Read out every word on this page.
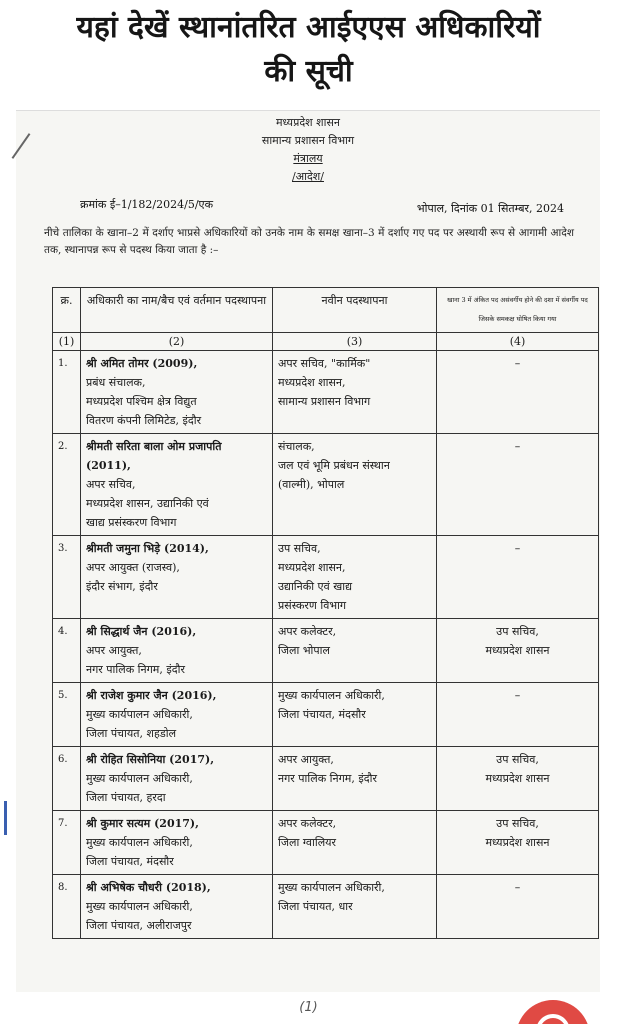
यहां देखें स्थानांतरित आईएएस अधिकारियों
की सूची
मध्यप्रदेश शासन
सामान्य प्रशासन विभाग
मंत्रालय
/आदेश/
क्रमांक ई–1/182/2024/5/एक	भोपाल, दिनांक 01 सितम्बर, 2024
नीचे तालिका के खाना–2 में दर्शाए भाप्रसे अधिकारियों को उनके नाम के समक्ष खाना–3 में दर्शाए गए पद पर अस्थायी रूप से आगामी आदेश तक, स्थानापन्न रूप से पदस्थ किया जाता है :–
क्र.	अधिकारी का नाम/बैच एवं वर्तमान पदस्थापना	नवीन पदस्थापना	खाना 3 में अंकित पद असंवर्गीय होने की दशा में संवर्गीय पद जिसके समकक्ष घोषित किया गया
(1)	(2)	(3)	(4)
1.	श्री अमित तोमर (2009),
प्रबंध संचालक,
मध्यप्रदेश पश्चिम क्षेत्र विद्युत
वितरण कंपनी लिमिटेड, इंदौर	अपर सचिव, "कार्मिक"
मध्यप्रदेश शासन,
सामान्य प्रशासन विभाग	–

2.	श्रीमती सरिता बाला ओम प्रजापति (2011),
अपर सचिव,
मध्यप्रदेश शासन, उद्यानिकी एवं
खाद्य प्रसंस्करण विभाग	संचालक,
जल एवं भूमि प्रबंधन संस्थान
(वाल्मी), भोपाल	–

3.	श्रीमती जमुना भिड़े (2014),
अपर आयुक्त (राजस्व),
इंदौर संभाग, इंदौर	उप सचिव,
मध्यप्रदेश शासन,
उद्यानिकी एवं खाद्य
प्रसंस्करण विभाग	–

4.	श्री सिद्धार्थ जैन (2016),
अपर आयुक्त,
नगर पालिक निगम, इंदौर	अपर कलेक्टर,
जिला भोपाल	उप सचिव,
मध्यप्रदेश शासन

5.	श्री राजेश कुमार जैन (2016),
मुख्य कार्यपालन अधिकारी,
जिला पंचायत, शहडोल	मुख्य कार्यपालन अधिकारी,
जिला पंचायत, मंदसौर	–

6.	श्री रोहित सिसोनिया (2017),
मुख्य कार्यपालन अधिकारी,
जिला पंचायत, हरदा	अपर आयुक्त,
नगर पालिक निगम, इंदौर	उप सचिव,
मध्यप्रदेश शासन

7.	श्री कुमार सत्यम (2017),
मुख्य कार्यपालन अधिकारी,
जिला पंचायत, मंदसौर	अपर कलेक्टर,
जिला ग्वालियर	उप सचिव,
मध्यप्रदेश शासन

8.	श्री अभिषेक चौधरी (2018),
मुख्य कार्यपालन अधिकारी,
जिला पंचायत, अलीराजपुर	मुख्य कार्यपालन अधिकारी,
जिला पंचायत, धार	–
(1)
